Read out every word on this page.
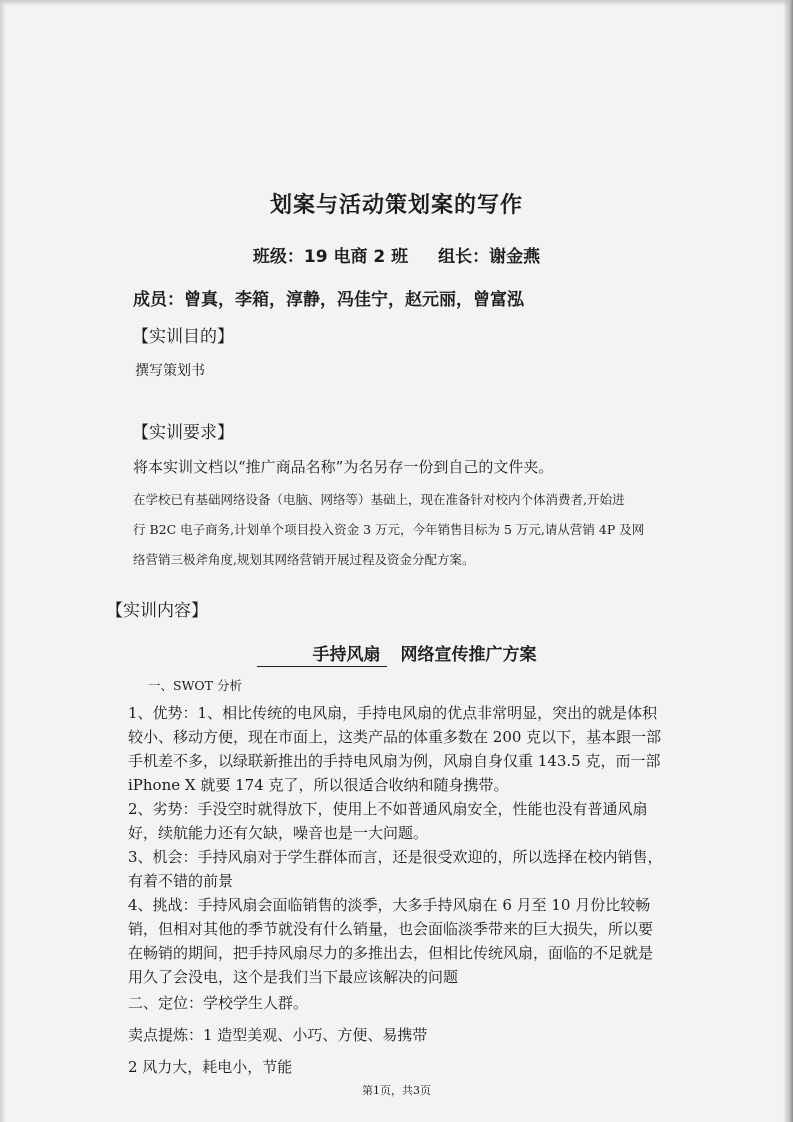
划案与活动策划案的写作
班级：19 电商 2 班 组长：谢金燕
成员：曾真，李箱，淳静，冯佳宁，赵元丽，曾富泓
【实训目的】
撰写策划书
【实训要求】
将本实训文档以“推广商品名称”为名另存一份到自己的文件夹。
在学校已有基础网络设备（电脑、网络等）基础上，现在准备针对校内个体消费者,开始进
行 B2C 电子商务,计划单个项目投入资金 3 万元，今年销售目标为 5 万元,请从营销 4P 及网
络营销三极斧角度,规划其网络营销开展过程及资金分配方案。
【实训内容】
手持风扇 网络宣传推广方案
一、SWOT 分析
1、优势：1、相比传统的电风扇，手持电风扇的优点非常明显，突出的就是体积
较小、移动方便，现在市面上，这类产品的体重多数在 200 克以下，基本跟一部
手机差不多，以绿联新推出的手持电风扇为例，风扇自身仅重 143.5 克，而一部
iPhone X 就要 174 克了，所以很适合收纳和随身携带。
2、劣势：手没空时就得放下，使用上不如普通风扇安全，性能也没有普通风扇
好，续航能力还有欠缺，噪音也是一大问题。
3、机会：手持风扇对于学生群体而言，还是很受欢迎的，所以选择在校内销售，
有着不错的前景
4、挑战：手持风扇会面临销售的淡季，大多手持风扇在 6 月至 10 月份比较畅
销，但相对其他的季节就没有什么销量，也会面临淡季带来的巨大损失，所以要
在畅销的期间，把手持风扇尽力的多推出去，但相比传统风扇，面临的不足就是
用久了会没电，这个是我们当下最应该解决的问题
二、定位：学校学生人群。
卖点提炼：1 造型美观、小巧、方便、易携带
2 风力大，耗电小，节能
第1页，共3页
